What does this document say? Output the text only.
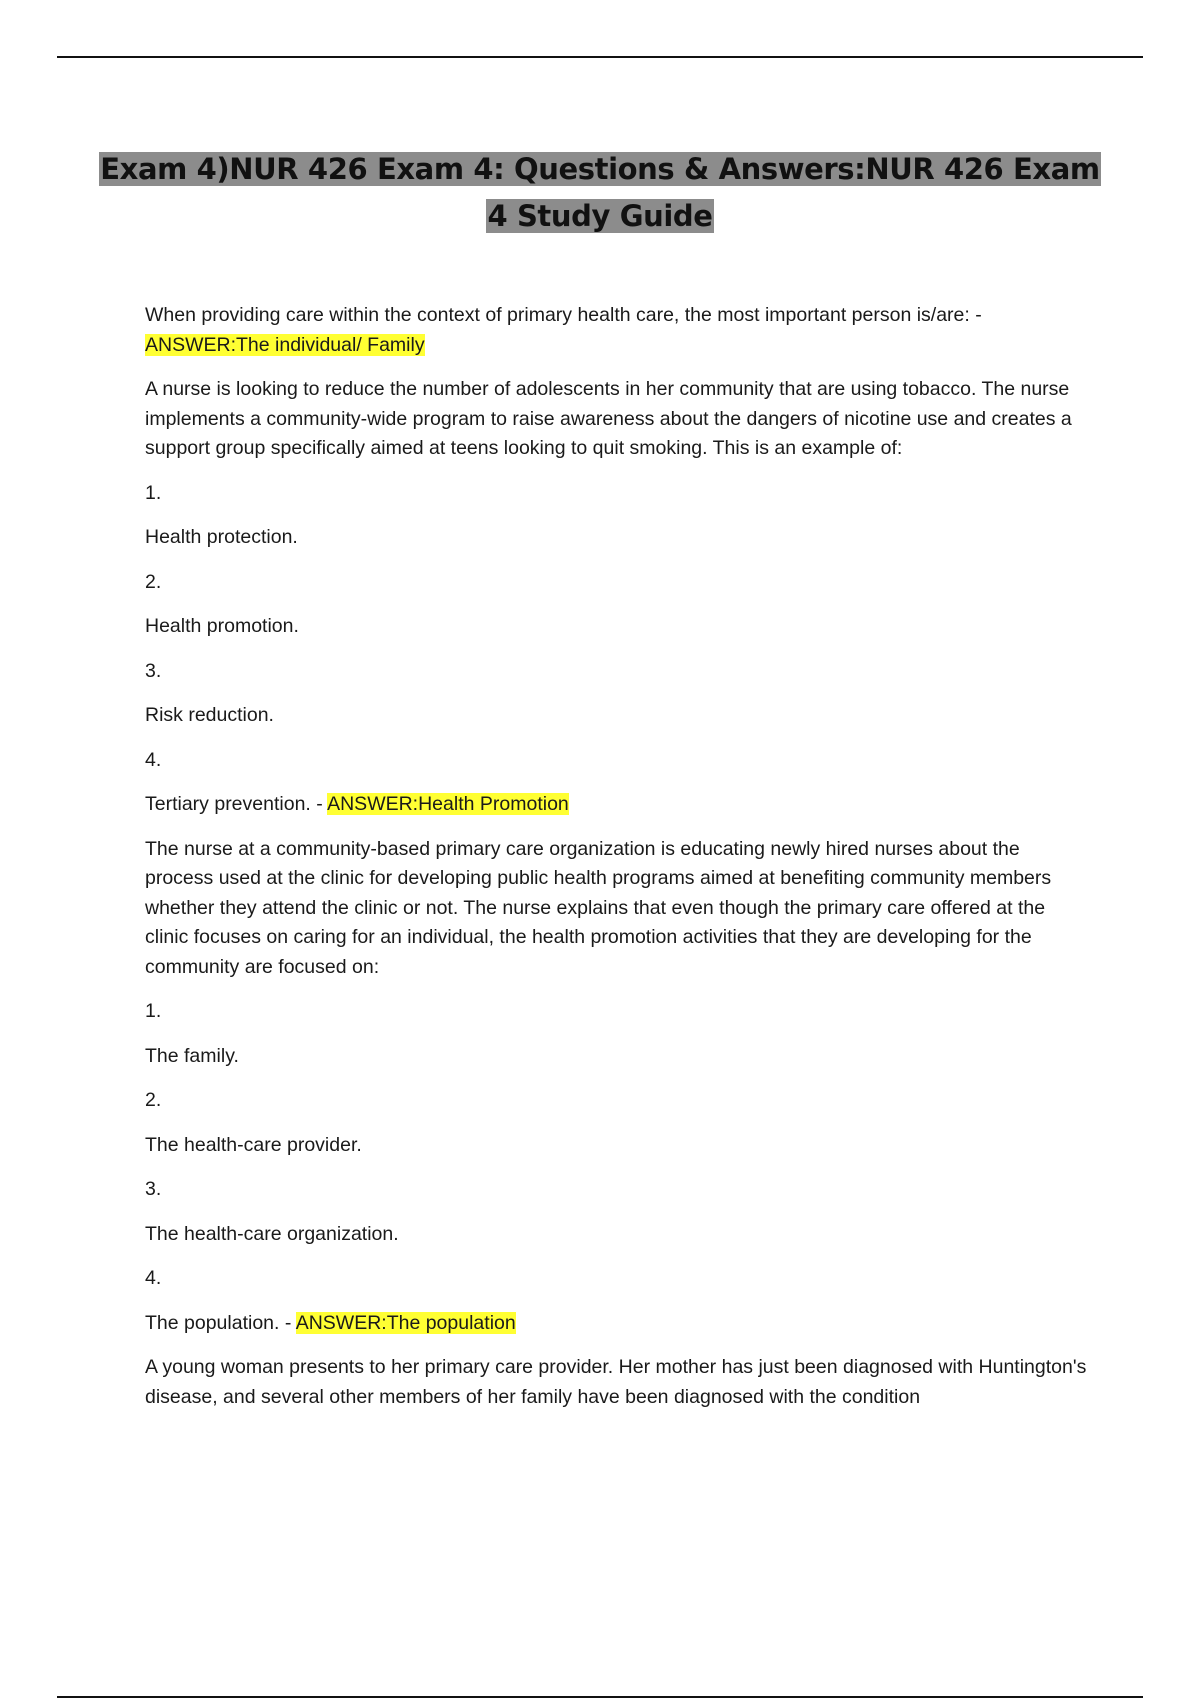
Exam 4)NUR 426 Exam 4: Questions & Answers:NUR 426 Exam
4 Study Guide

When providing care within the context of primary health care, the most important person is/are: - ANSWER:The individual/ Family

A nurse is looking to reduce the number of adolescents in her community that are using tobacco. The nurse implements a community-wide program to raise awareness about the dangers of nicotine use and creates a support group specifically aimed at teens looking to quit smoking. This is an example of:

1.

Health protection.

2.

Health promotion.

3.

Risk reduction.

4.

Tertiary prevention. - ANSWER:Health Promotion

The nurse at a community-based primary care organization is educating newly hired nurses about the process used at the clinic for developing public health programs aimed at benefiting community members whether they attend the clinic or not. The nurse explains that even though the primary care offered at the clinic focuses on caring for an individual, the health promotion activities that they are developing for the community are focused on:

1.

The family.

2.

The health-care provider.

3.

The health-care organization.

4.

The population. - ANSWER:The population

A young woman presents to her primary care provider. Her mother has just been diagnosed with Huntington's disease, and several other members of her family have been diagnosed with the condition
